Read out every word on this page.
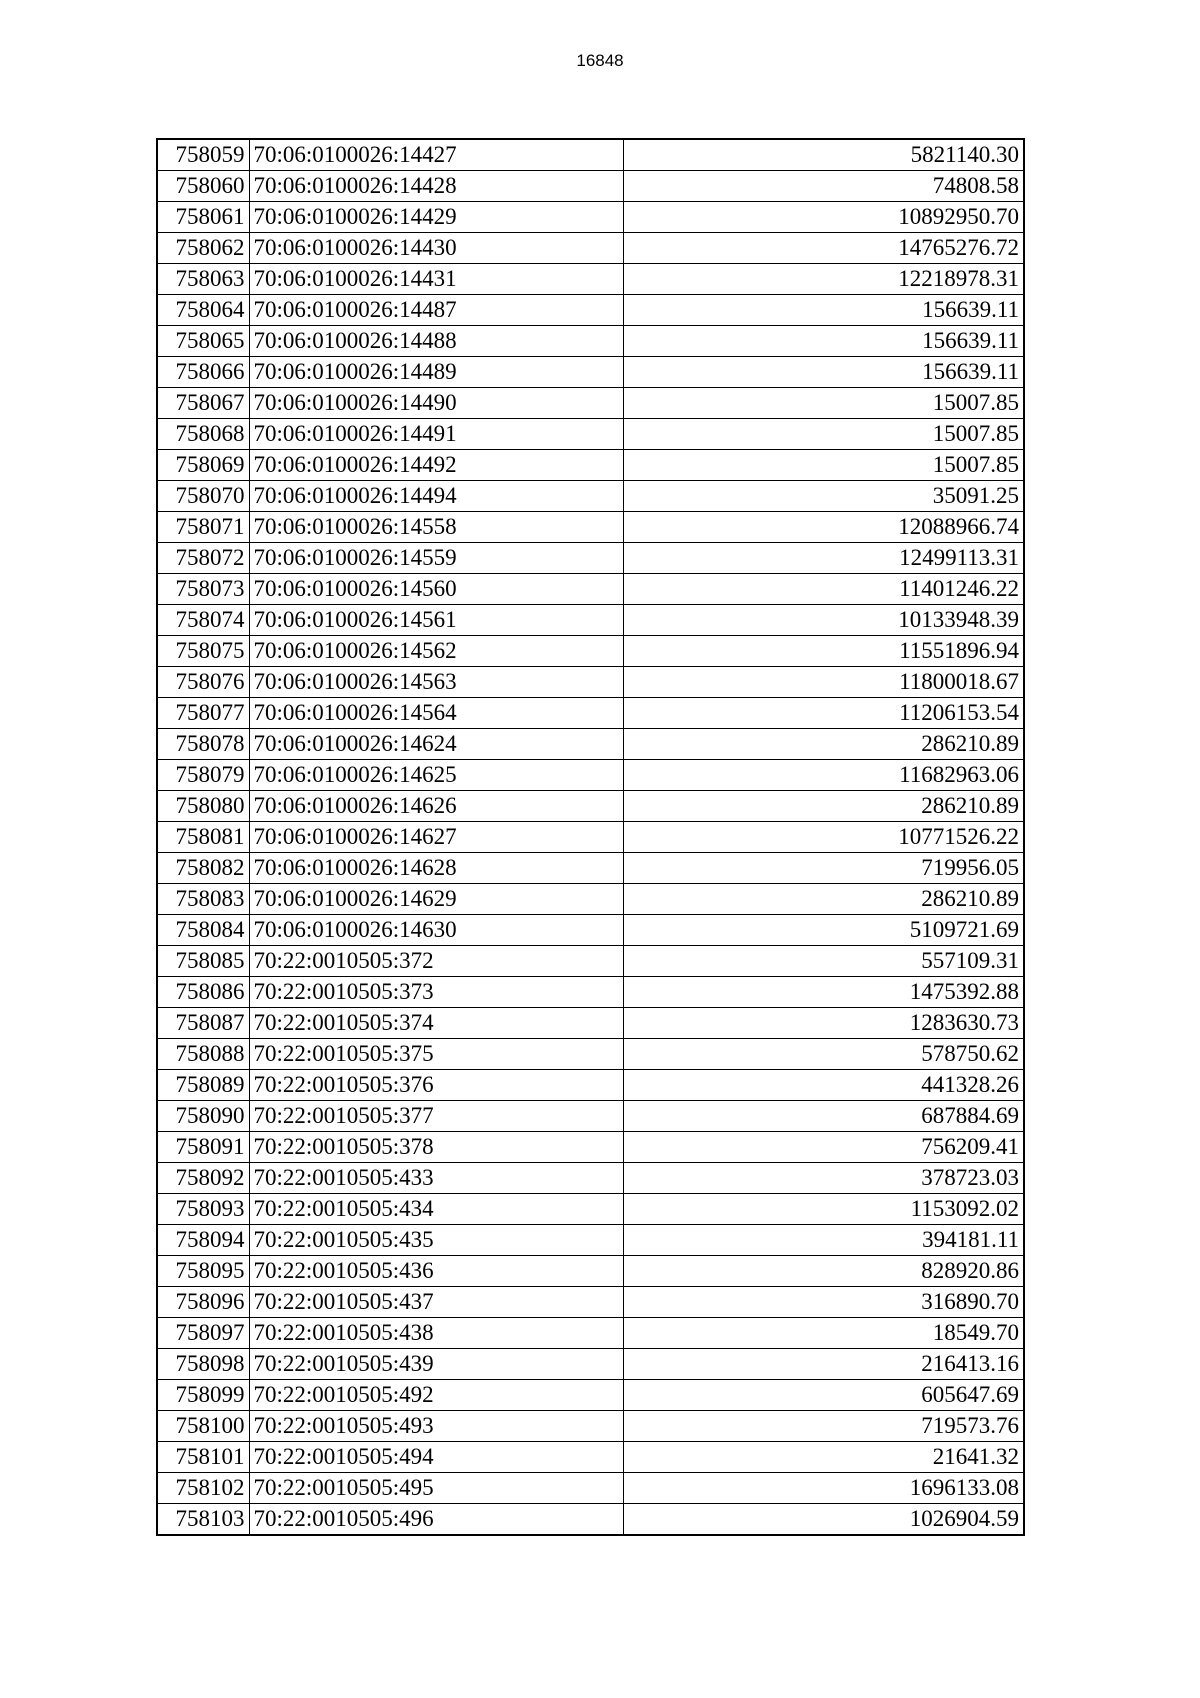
16848
758059	70:06:0100026:14427	5821140.30
758060	70:06:0100026:14428	74808.58
758061	70:06:0100026:14429	10892950.70
758062	70:06:0100026:14430	14765276.72
758063	70:06:0100026:14431	12218978.31
758064	70:06:0100026:14487	156639.11
758065	70:06:0100026:14488	156639.11
758066	70:06:0100026:14489	156639.11
758067	70:06:0100026:14490	15007.85
758068	70:06:0100026:14491	15007.85
758069	70:06:0100026:14492	15007.85
758070	70:06:0100026:14494	35091.25
758071	70:06:0100026:14558	12088966.74
758072	70:06:0100026:14559	12499113.31
758073	70:06:0100026:14560	11401246.22
758074	70:06:0100026:14561	10133948.39
758075	70:06:0100026:14562	11551896.94
758076	70:06:0100026:14563	11800018.67
758077	70:06:0100026:14564	11206153.54
758078	70:06:0100026:14624	286210.89
758079	70:06:0100026:14625	11682963.06
758080	70:06:0100026:14626	286210.89
758081	70:06:0100026:14627	10771526.22
758082	70:06:0100026:14628	719956.05
758083	70:06:0100026:14629	286210.89
758084	70:06:0100026:14630	5109721.69
758085	70:22:0010505:372	557109.31
758086	70:22:0010505:373	1475392.88
758087	70:22:0010505:374	1283630.73
758088	70:22:0010505:375	578750.62
758089	70:22:0010505:376	441328.26
758090	70:22:0010505:377	687884.69
758091	70:22:0010505:378	756209.41
758092	70:22:0010505:433	378723.03
758093	70:22:0010505:434	1153092.02
758094	70:22:0010505:435	394181.11
758095	70:22:0010505:436	828920.86
758096	70:22:0010505:437	316890.70
758097	70:22:0010505:438	18549.70
758098	70:22:0010505:439	216413.16
758099	70:22:0010505:492	605647.69
758100	70:22:0010505:493	719573.76
758101	70:22:0010505:494	21641.32
758102	70:22:0010505:495	1696133.08
758103	70:22:0010505:496	1026904.59
